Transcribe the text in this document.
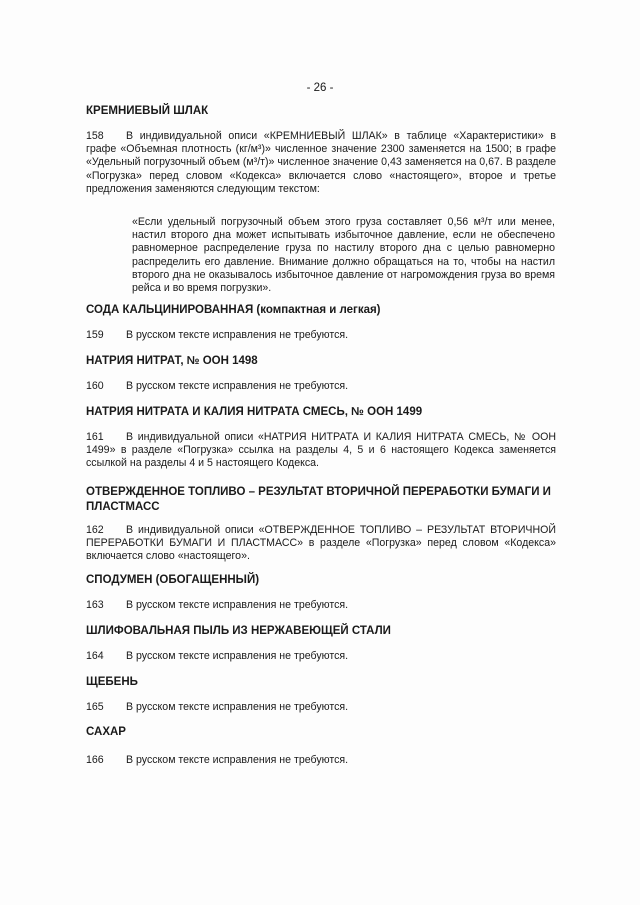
- 26 -
КРЕМНИЕВЫЙ ШЛАК
158 В индивидуальной описи «КРЕМНИЕВЫЙ ШЛАК» в таблице «Характеристики» в графе «Объемная плотность (кг/м³)» численное значение 2300 заменяется на 1500; в графе «Удельный погрузочный объем (м³/т)» численное значение 0,43 заменяется на 0,67. В разделе «Погрузка» перед словом «Кодекса» включается слово «настоящего», второе и третье предложения заменяются следующим текстом:
«Если удельный погрузочный объем этого груза составляет 0,56 м³/т или менее, настил второго дна может испытывать избыточное давление, если не обеспечено равномерное распределение груза по настилу второго дна с целью равномерно распределить его давление. Внимание должно обращаться на то, чтобы на настил второго дна не оказывалось избыточное давление от нагромождения груза во время рейса и во время погрузки».
СОДА КАЛЬЦИНИРОВАННАЯ (компактная и легкая)
159 В русском тексте исправления не требуются.
НАТРИЯ НИТРАТ, № ООН 1498
160 В русском тексте исправления не требуются.
НАТРИЯ НИТРАТА И КАЛИЯ НИТРАТА СМЕСЬ, № ООН 1499
161 В индивидуальной описи «НАТРИЯ НИТРАТА И КАЛИЯ НИТРАТА СМЕСЬ, № ООН 1499» в разделе «Погрузка» ссылка на разделы 4, 5 и 6 настоящего Кодекса заменяется ссылкой на разделы 4 и 5 настоящего Кодекса.
ОТВЕРЖДЕННОЕ ТОПЛИВО – РЕЗУЛЬТАТ ВТОРИЧНОЙ ПЕРЕРАБОТКИ БУМАГИ И ПЛАСТМАСС
162 В индивидуальной описи «ОТВЕРЖДЕННОЕ ТОПЛИВО – РЕЗУЛЬТАТ ВТОРИЧНОЙ ПЕРЕРАБОТКИ БУМАГИ И ПЛАСТМАСС» в разделе «Погрузка» перед словом «Кодекса» включается слово «настоящего».
СПОДУМЕН (ОБОГАЩЕННЫЙ)
163 В русском тексте исправления не требуются.
ШЛИФОВАЛЬНАЯ ПЫЛЬ ИЗ НЕРЖАВЕЮЩЕЙ СТАЛИ
164 В русском тексте исправления не требуются.
ЩЕБЕНЬ
165 В русском тексте исправления не требуются.
САХАР
166 В русском тексте исправления не требуются.
